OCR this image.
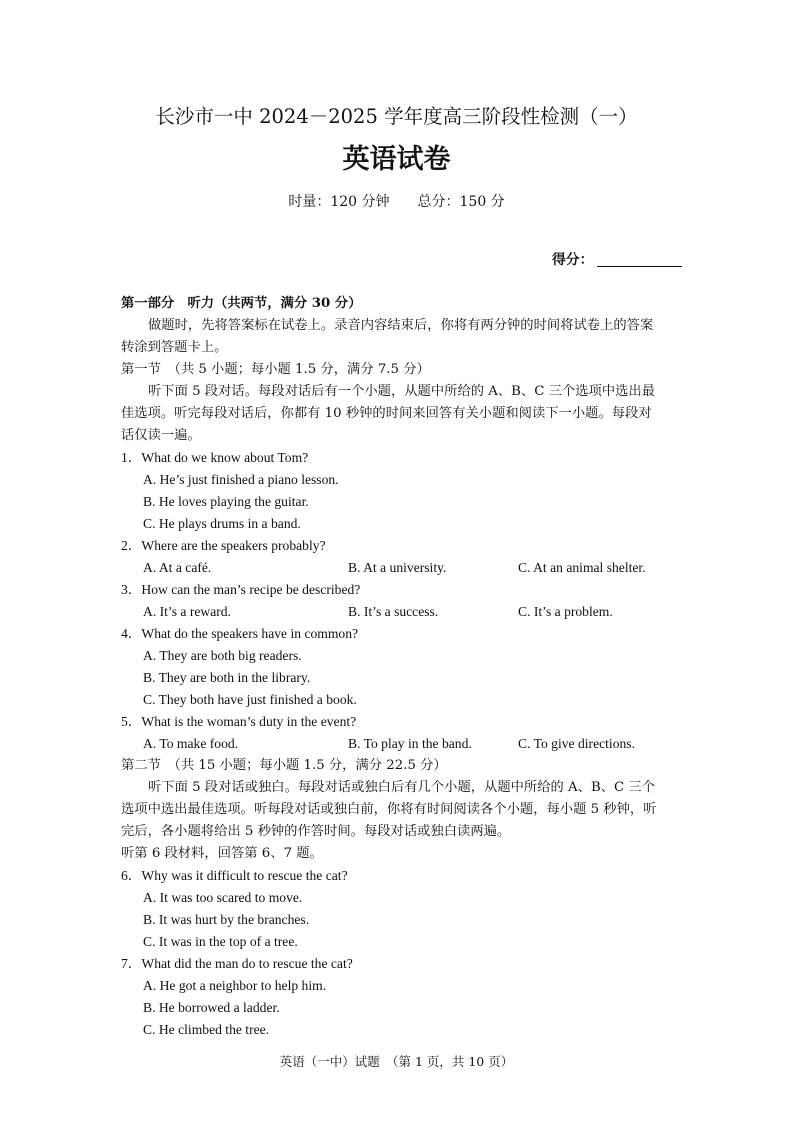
长沙市一中 2024－2025 学年度高三阶段性检测（一）
英语试卷
时量：120 分钟　　总分：150 分
得分：
第一部分　听力（共两节，满分 30 分）
做题时，先将答案标在试卷上。录音内容结束后，你将有两分钟的时间将试卷上的答案
转涂到答题卡上。
第一节　（共 5 小题；每小题 1.5 分，满分 7.5 分）
听下面 5 段对话。每段对话后有一个小题，从题中所给的 A、B、C 三个选项中选出最
佳选项。听完每段对话后，你都有 10 秒钟的时间来回答有关小题和阅读下一小题。每段对
话仅读一遍。
1．What do we know about Tom?
A. He’s just finished a piano lesson.
B. He loves playing the guitar.
C. He plays drums in a band.
2．Where are the speakers probably?
A. At a café.	B. At a university.	C. At an animal shelter.
3．How can the man’s recipe be described?
A. It’s a reward.	B. It’s a success.	C. It’s a problem.
4．What do the speakers have in common?
A. They are both big readers.
B. They are both in the library.
C. They both have just finished a book.
5．What is the woman’s duty in the event?
A. To make food.	B. To play in the band.	C. To give directions.
第二节　（共 15 小题；每小题 1.5 分，满分 22.5 分）
听下面 5 段对话或独白。每段对话或独白后有几个小题，从题中所给的 A、B、C 三个
选项中选出最佳选项。听每段对话或独白前，你将有时间阅读各个小题，每小题 5 秒钟，听
完后，各小题将给出 5 秒钟的作答时间。每段对话或独白读两遍。
听第 6 段材料，回答第 6、7 题。
6．Why was it difficult to rescue the cat?
A. It was too scared to move.
B. It was hurt by the branches.
C. It was in the top of a tree.
7．What did the man do to rescue the cat?
A. He got a neighbor to help him.
B. He borrowed a ladder.
C. He climbed the tree.
英语（一中）试题　（第 1 页，共 10 页）
